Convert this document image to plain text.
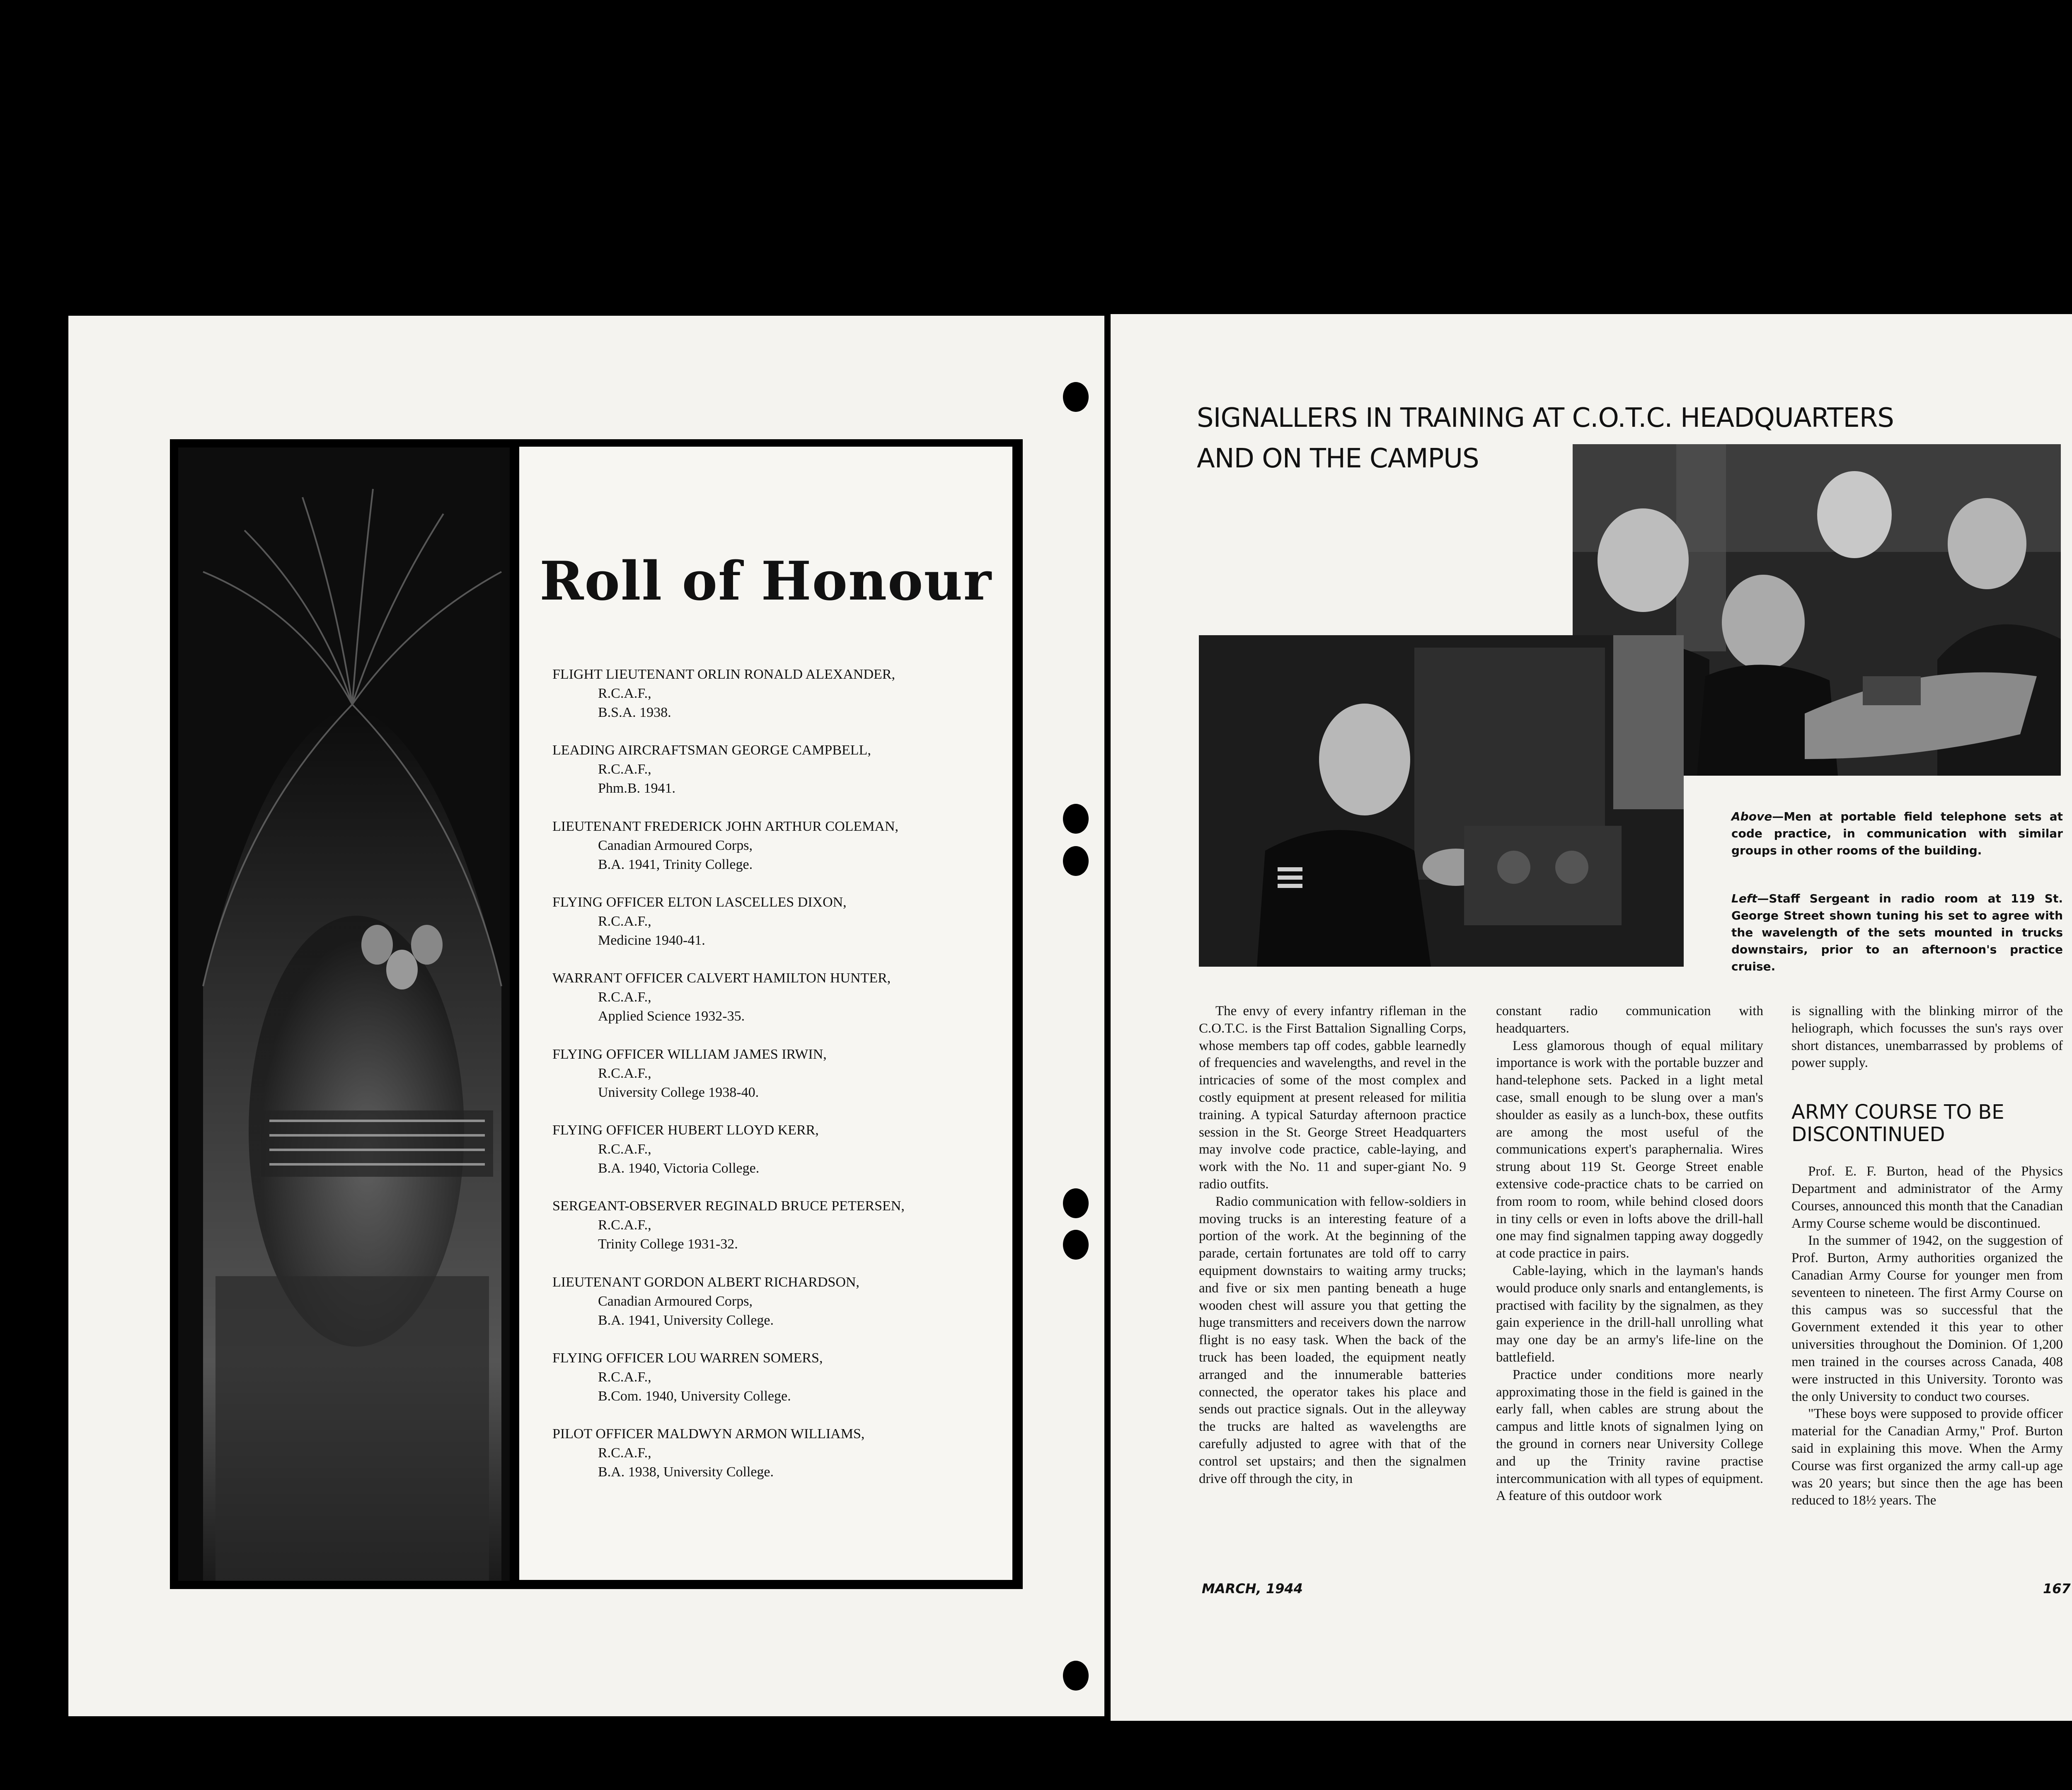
Roll of Honour
FLIGHT LIEUTENANT ORLIN RONALD ALEXANDER,
R.C.A.F.,
B.S.A. 1938.
LEADING AIRCRAFTSMAN GEORGE CAMPBELL,
R.C.A.F.,
Phm.B. 1941.
LIEUTENANT FREDERICK JOHN ARTHUR COLEMAN,
Canadian Armoured Corps,
B.A. 1941, Trinity College.
FLYING OFFICER ELTON LASCELLES DIXON,
R.C.A.F.,
Medicine 1940-41.
WARRANT OFFICER CALVERT HAMILTON HUNTER,
R.C.A.F.,
Applied Science 1932-35.
FLYING OFFICER WILLIAM JAMES IRWIN,
R.C.A.F.,
University College 1938-40.
FLYING OFFICER HUBERT LLOYD KERR,
R.C.A.F.,
B.A. 1940, Victoria College.
SERGEANT-OBSERVER REGINALD BRUCE PETERSEN,
R.C.A.F.,
Trinity College 1931-32.
LIEUTENANT GORDON ALBERT RICHARDSON,
Canadian Armoured Corps,
B.A. 1941, University College.
FLYING OFFICER LOU WARREN SOMERS,
R.C.A.F.,
B.Com. 1940, University College.
PILOT OFFICER MALDWYN ARMON WILLIAMS,
R.C.A.F.,
B.A. 1938, University College.
SIGNALLERS IN TRAINING AT C.O.T.C. HEADQUARTERS
AND ON THE CAMPUS
Above—Men at portable field telephone sets at code practice, in communication with similar groups in other rooms of the building.
Left—Staff Sergeant in radio room at 119 St. George Street shown tuning his set to agree with the wavelength of the sets mounted in trucks downstairs, prior to an afternoon's practice cruise.

The envy of every infantry rifleman in the C.O.T.C. is the First Battalion Signalling Corps, whose members tap off codes, gabble learnedly of frequencies and wavelengths, and revel in the intricacies of some of the most complex and costly equipment at present released for militia training. A typical Saturday afternoon practice session in the St. George Street Headquarters may involve code practice, cable-laying, and work with the No. 11 and super-giant No. 9 radio outfits.

Radio communication with fellow-soldiers in moving trucks is an interesting feature of a portion of the work. At the beginning of the parade, certain fortunates are told off to carry equipment downstairs to waiting army trucks; and five or six men panting beneath a huge wooden chest will assure you that getting the huge transmitters and receivers down the narrow flight is no easy task. When the back of the truck has been loaded, the equipment neatly arranged and the innumerable batteries connected, the operator takes his place and sends out practice signals. Out in the alleyway the trucks are halted as wavelengths are carefully adjusted to agree with that of the control set upstairs; and then the signalmen drive off through the city, in

constant radio communication with headquarters.

Less glamorous though of equal military importance is work with the portable buzzer and hand-telephone sets. Packed in a light metal case, small enough to be slung over a man's shoulder as easily as a lunch-box, these outfits are among the most useful of the communications expert's paraphernalia. Wires strung about 119 St. George Street enable extensive code-practice chats to be carried on from room to room, while behind closed doors in tiny cells or even in lofts above the drill-hall one may find signalmen tapping away doggedly at code practice in pairs.

Cable-laying, which in the layman's hands would produce only snarls and entanglements, is practised with facility by the signalmen, as they gain experience in the drill-hall unrolling what may one day be an army's life-line on the battlefield.

Practice under conditions more nearly approximating those in the field is gained in the early fall, when cables are strung about the campus and little knots of signalmen lying on the ground in corners near University College and up the Trinity ravine practise intercommunication with all types of equipment. A feature of this outdoor work

is signalling with the blinking mirror of the heliograph, which focusses the sun's rays over short distances, unembarrassed by problems of power supply.

ARMY COURSE TO BE DISCONTINUED

Prof. E. F. Burton, head of the Physics Department and administrator of the Army Courses, announced this month that the Canadian Army Course scheme would be discontinued.

In the summer of 1942, on the suggestion of Prof. Burton, Army authorities organized the Canadian Army Course for younger men from seventeen to nineteen. The first Army Course on this campus was so successful that the Government extended it this year to other universities throughout the Dominion. Of 1,200 men trained in the courses across Canada, 408 were instructed in this University. Toronto was the only University to conduct two courses.

"These boys were supposed to provide officer material for the Canadian Army," Prof. Burton said in explaining this move. When the Army Course was first organized the army call-up age was 20 years; but since then the age has been reduced to 18½ years. The

MARCH, 1944	167
